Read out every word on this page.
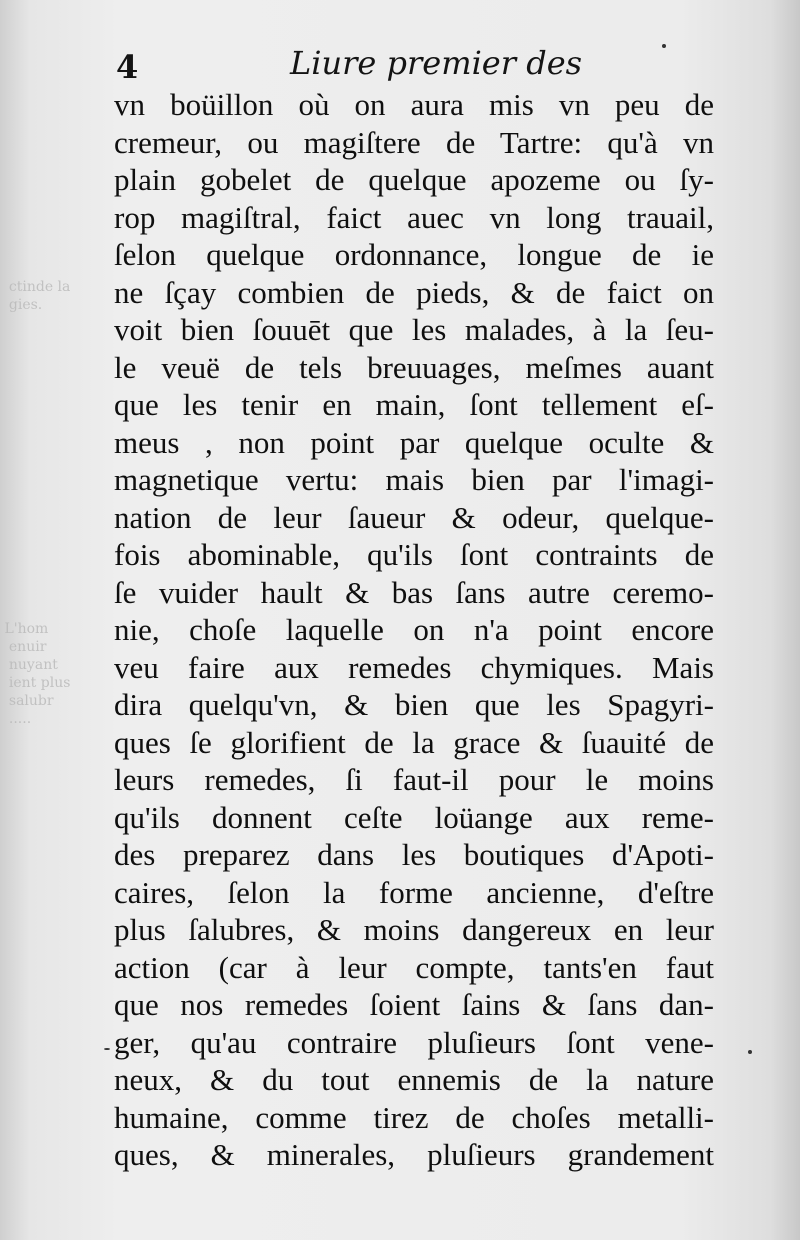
ctinde la
gies.
L'hom
enuir
nuyant
ient plus
salubr
.....
4	Liure premier des
vn boüillon où on aura mis vn peu de
cremeur, ou magiſtere de Tartre: qu'à vn
plain gobelet de quelque apozeme ou ſy-
rop magiſtral, faict auec vn long trauail,
ſelon quelque ordonnance, longue de ie
ne ſçay combien de pieds, & de faict on
voit bien ſouuēt que les malades, à la ſeu-
le veuë de tels breuuages, meſmes auant
que les tenir en main, ſont tellement eſ-
meus , non point par quelque oculte &
magnetique vertu: mais bien par l'imagi-
nation de leur ſaueur & odeur, quelque-
fois abominable, qu'ils ſont contraints de
ſe vuider hault & bas ſans autre ceremo-
nie, choſe laquelle on n'a point encore
veu faire aux remedes chymiques. Mais
dira quelqu'vn, & bien que les Spagyri-
ques ſe glorifient de la grace & ſuauité de
leurs remedes, ſi faut-il pour le moins
qu'ils donnent ceſte loüange aux reme-
des preparez dans les boutiques d'Apoti-
caires, ſelon la forme ancienne, d'eſtre
plus ſalubres, & moins dangereux en leur
action (car à leur compte, tants'en faut
que nos remedes ſoient ſains & ſans dan-
ger, qu'au contraire pluſieurs ſont vene-
neux, & du tout ennemis de la nature
humaine, comme tirez de choſes metalli-
ques, & minerales, pluſieurs grandement
